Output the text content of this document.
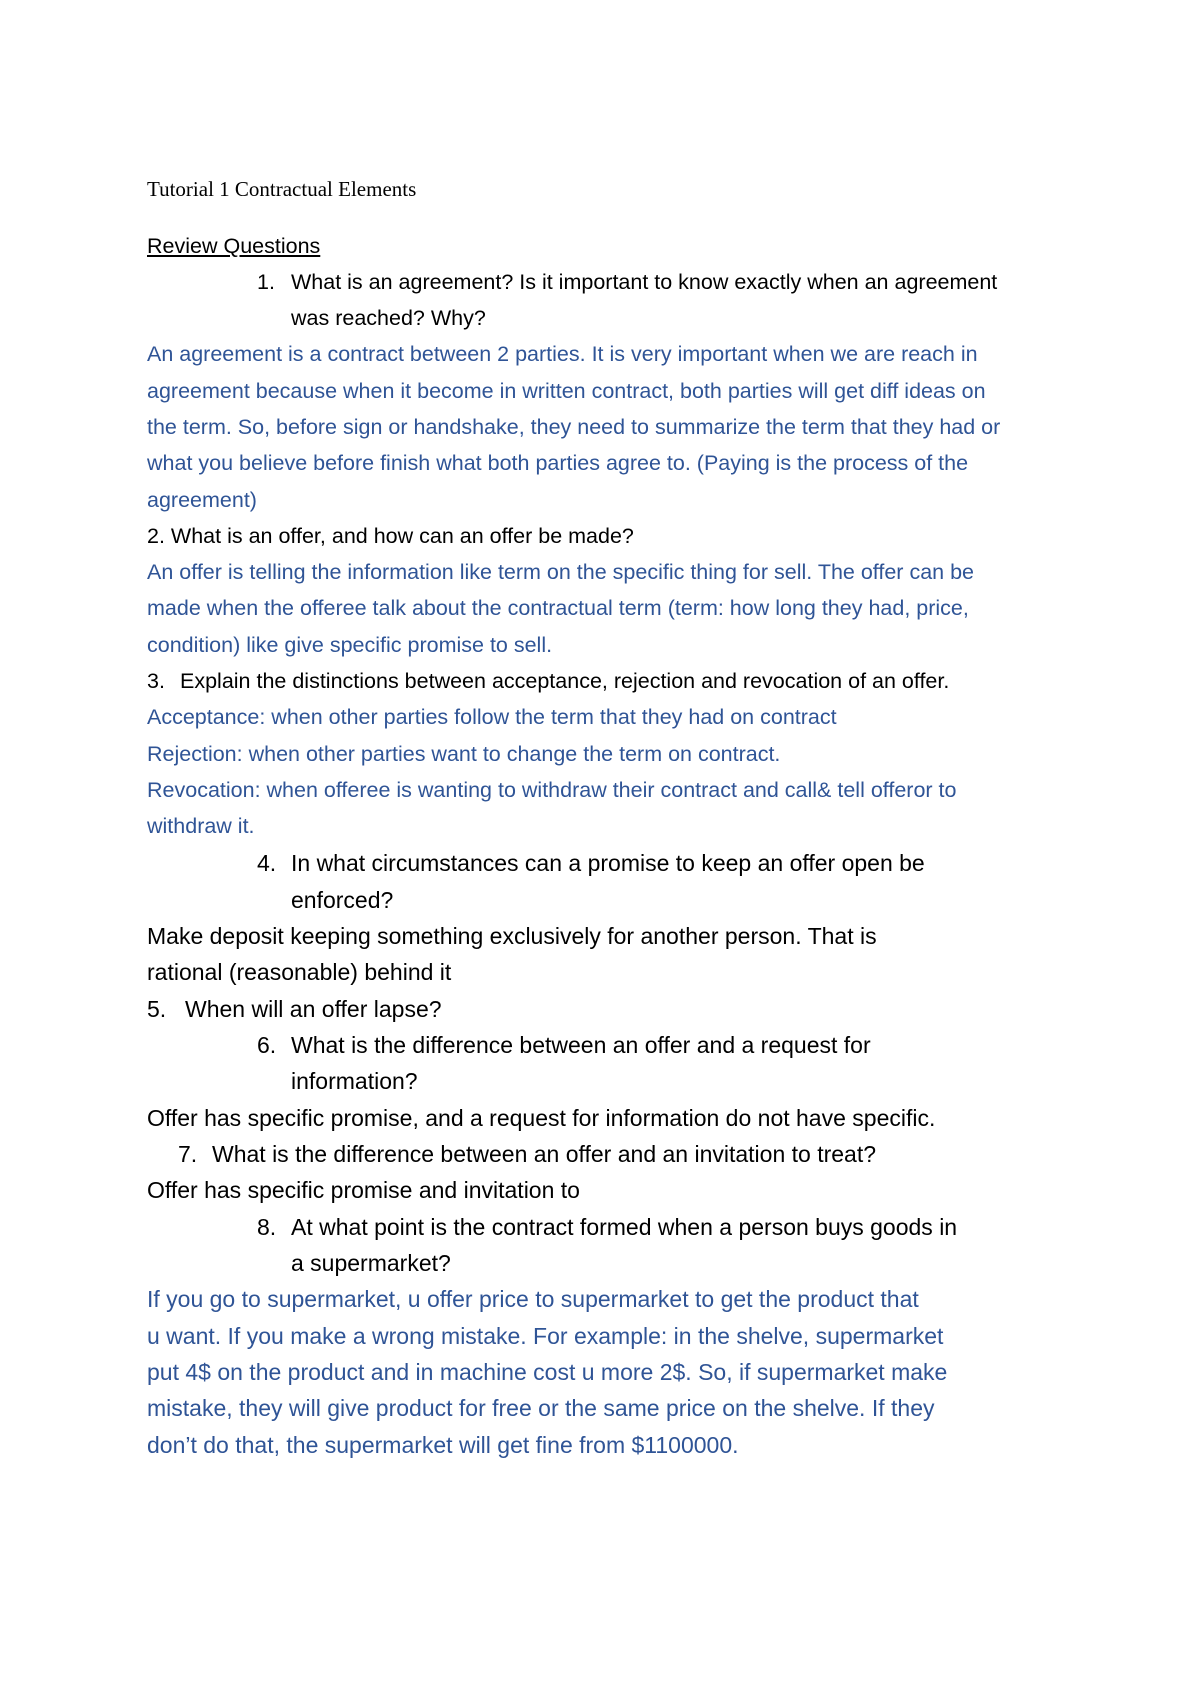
Tutorial 1 Contractual Elements
Review Questions
1. What is an agreement? Is it important to know exactly when an agreement
was reached? Why?
An agreement is a contract between 2 parties. It is very important when we are reach in
agreement because when it become in written contract, both parties will get diff ideas on
the term. So, before sign or handshake, they need to summarize the term that they had or
what you believe before finish what both parties agree to. (Paying is the process of the
agreement)
2. What is an offer, and how can an offer be made?
An offer is telling the information like term on the specific thing for sell. The offer can be
made when the offeree talk about the contractual term (term: how long they had, price,
condition) like give specific promise to sell.
3. Explain the distinctions between acceptance, rejection and revocation of an offer.
Acceptance: when other parties follow the term that they had on contract
Rejection: when other parties want to change the term on contract.
Revocation: when offeree is wanting to withdraw their contract and call& tell offeror to
withdraw it.
4. In what circumstances can a promise to keep an offer open be
enforced?
Make deposit keeping something exclusively for another person. That is
rational (reasonable) behind it
5. When will an offer lapse?
6. What is the difference between an offer and a request for
information?
Offer has specific promise, and a request for information do not have specific.
7. What is the difference between an offer and an invitation to treat?
Offer has specific promise and invitation to
8. At what point is the contract formed when a person buys goods in
a supermarket?
If you go to supermarket, u offer price to supermarket to get the product that
u want. If you make a wrong mistake. For example: in the shelve, supermarket
put 4$ on the product and in machine cost u more 2$. So, if supermarket make
mistake, they will give product for free or the same price on the shelve. If they
don’t do that, the supermarket will get fine from $1100000.
